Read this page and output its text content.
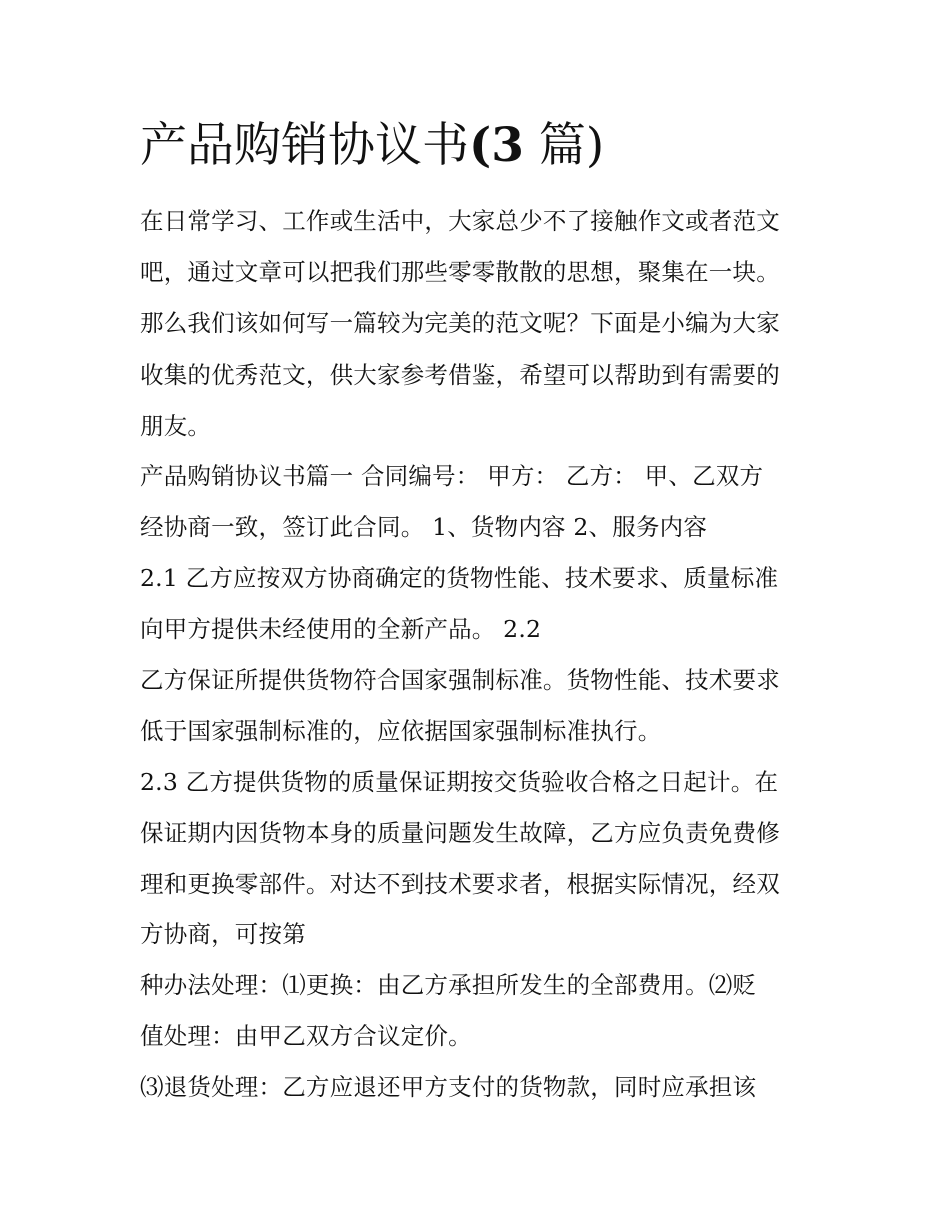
产品购销协议书(3 篇)

在日常学习、工作或生活中，大家总少不了接触作文或者范文

吧，通过文章可以把我们那些零零散散的思想，聚集在一块。

那么我们该如何写一篇较为完美的范文呢？下面是小编为大家

收集的优秀范文，供大家参考借鉴，希望可以帮助到有需要的

朋友。

产品购销协议书篇一 合同编号： 甲方： 乙方： 甲、乙双方

经协商一致，签订此合同。 1、货物内容 2、服务内容

2.1 乙方应按双方协商确定的货物性能、技术要求、质量标准

向甲方提供未经使用的全新产品。 2.2

乙方保证所提供货物符合国家强制标准。货物性能、技术要求

低于国家强制标准的，应依据国家强制标准执行。

2.3 乙方提供货物的质量保证期按交货验收合格之日起计。在

保证期内因货物本身的质量问题发生故障，乙方应负责免费修

理和更换零部件。对达不到技术要求者，根据实际情况，经双

方协商，可按第

种办法处理：⑴更换：由乙方承担所发生的全部费用。⑵贬

值处理：由甲乙双方合议定价。

⑶退货处理：乙方应退还甲方支付的货物款，同时应承担该
